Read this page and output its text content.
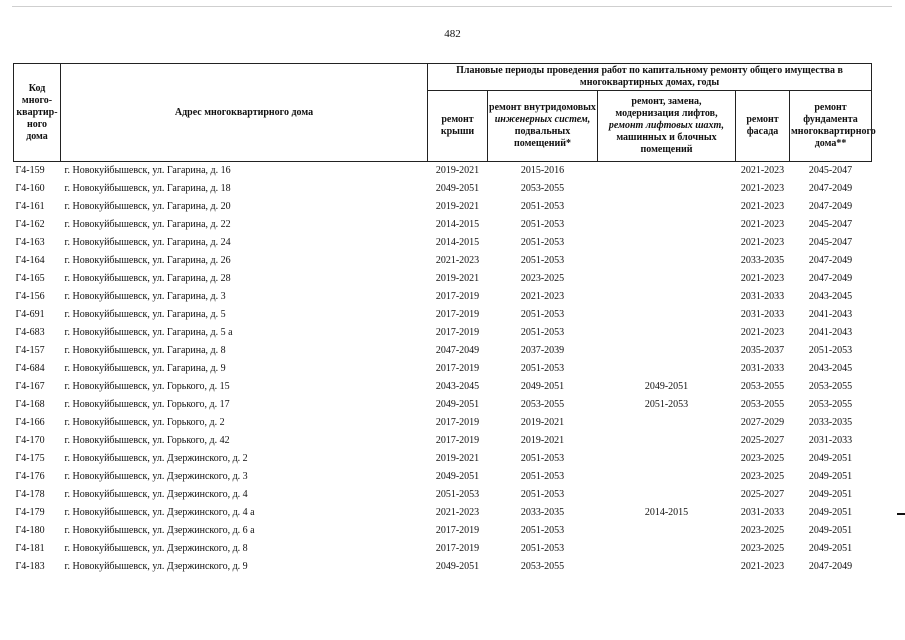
482
Код много-квартир-ного дома	Адрес многоквартирного дома	Плановые периоды проведения работ по капитальному ремонту общего имущества в многоквартирных домах, годы				
		ремонт крыши	ремонт внутридомовых инженерных систем, подвальных помещений*	ремонт, замена, модернизация лифтов, ремонт лифтовых шахт, машинных и блочных помещений	ремонт фасада	ремонт фундамента многоквартирного дома**
Г4-159	г. Новокуйбышевск, ул. Гагарина, д. 16	2019-2021	2015-2016		2021-2023	2045-2047
Г4-160	г. Новокуйбышевск, ул. Гагарина, д. 18	2049-2051	2053-2055		2021-2023	2047-2049
Г4-161	г. Новокуйбышевск, ул. Гагарина, д. 20	2019-2021	2051-2053		2021-2023	2047-2049
Г4-162	г. Новокуйбышевск, ул. Гагарина, д. 22	2014-2015	2051-2053		2021-2023	2045-2047
Г4-163	г. Новокуйбышевск, ул. Гагарина, д. 24	2014-2015	2051-2053		2021-2023	2045-2047
Г4-164	г. Новокуйбышевск, ул. Гагарина, д. 26	2021-2023	2051-2053		2033-2035	2047-2049
Г4-165	г. Новокуйбышевск, ул. Гагарина, д. 28	2019-2021	2023-2025		2021-2023	2047-2049
Г4-156	г. Новокуйбышевск, ул. Гагарина, д. 3	2017-2019	2021-2023		2031-2033	2043-2045
Г4-691	г. Новокуйбышевск, ул. Гагарина, д. 5	2017-2019	2051-2053		2031-2033	2041-2043
Г4-683	г. Новокуйбышевск, ул. Гагарина, д. 5 а	2017-2019	2051-2053		2021-2023	2041-2043
Г4-157	г. Новокуйбышевск, ул. Гагарина, д. 8	2047-2049	2037-2039		2035-2037	2051-2053
Г4-684	г. Новокуйбышевск, ул. Гагарина, д. 9	2017-2019	2051-2053		2031-2033	2043-2045
Г4-167	г. Новокуйбышевск, ул. Горького, д. 15	2043-2045	2049-2051	2049-2051	2053-2055	2053-2055
Г4-168	г. Новокуйбышевск, ул. Горького, д. 17	2049-2051	2053-2055	2051-2053	2053-2055	2053-2055
Г4-166	г. Новокуйбышевск, ул. Горького, д. 2	2017-2019	2019-2021		2027-2029	2033-2035
Г4-170	г. Новокуйбышевск, ул. Горького, д. 42	2017-2019	2019-2021		2025-2027	2031-2033
Г4-175	г. Новокуйбышевск, ул. Дзержинского, д. 2	2019-2021	2051-2053		2023-2025	2049-2051
Г4-176	г. Новокуйбышевск, ул. Дзержинского, д. 3	2049-2051	2051-2053		2023-2025	2049-2051
Г4-178	г. Новокуйбышевск, ул. Дзержинского, д. 4	2051-2053	2051-2053		2025-2027	2049-2051
Г4-179	г. Новокуйбышевск, ул. Дзержинского, д. 4 а	2021-2023	2033-2035	2014-2015	2031-2033	2049-2051
Г4-180	г. Новокуйбышевск, ул. Дзержинского, д. 6 а	2017-2019	2051-2053		2023-2025	2049-2051
Г4-181	г. Новокуйбышевск, ул. Дзержинского, д. 8	2017-2019	2051-2053		2023-2025	2049-2051
Г4-183	г. Новокуйбышевск, ул. Дзержинского, д. 9	2049-2051	2053-2055		2021-2023	2047-2049
